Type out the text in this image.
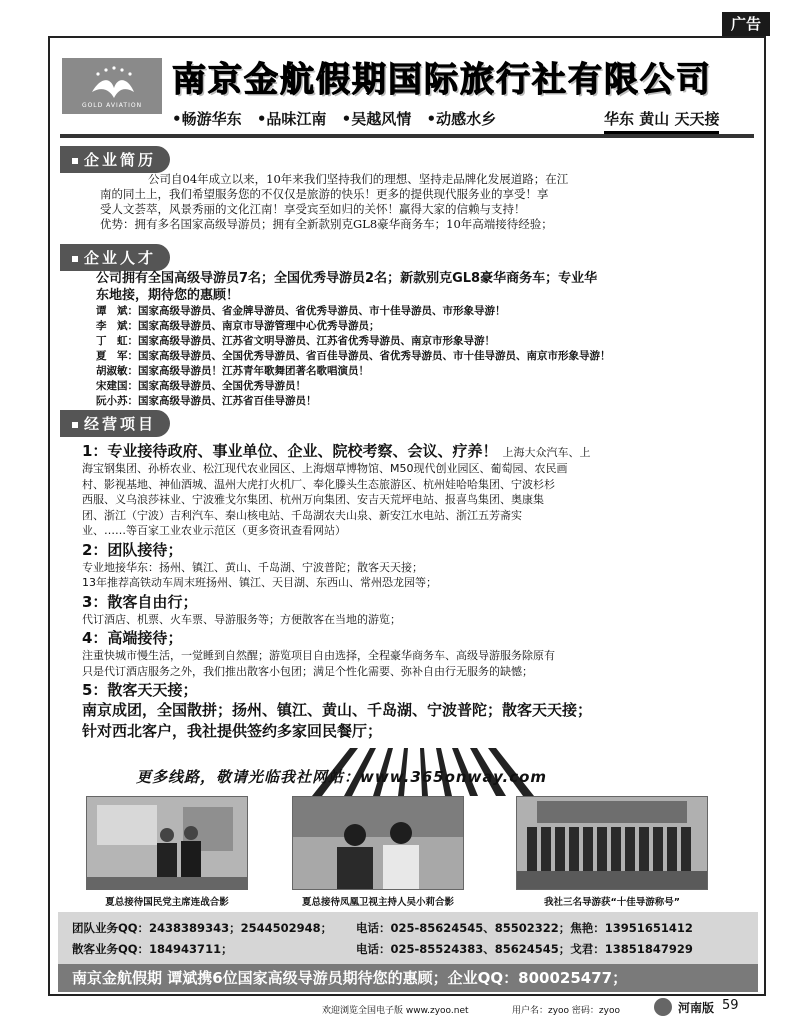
广告
GOLD AVIATION
南京金航假期国际旅行社有限公司
•畅游华东 •品味江南 •吴越风情 •动感水乡	华东 黄山 天天接
企业简历
公司自04年成立以来，10年来我们坚持我们的理想、坚持走品牌化发展道路；在江
南的同土上，我们希望服务您的不仅仅是旅游的快乐！更多的提供现代服务业的享受！享
受人文荟萃，风景秀丽的文化江南！享受宾至如归的关怀！赢得大家的信赖与支持！
优势：拥有多名国家高级导游员；拥有全新款别克GL8豪华商务车；10年高端接待经验；
企业人才
公司拥有全国高级导游员7名；全国优秀导游员2名；新款别克GL8豪华商务车；专业华
东地接，期待您的惠顾！
谭　斌：国家高级导游员、省金牌导游员、省优秀导游员、市十佳导游员、市形象导游！
李　斌：国家高级导游员、南京市导游管理中心优秀导游员；
丁　虹：国家高级导游员、江苏省文明导游员、江苏省优秀导游员、南京市形象导游！
夏　军：国家高级导游员、全国优秀导游员、省百佳导游员、省优秀导游员、市十佳导游员、南京市形象导游！
胡淑敏：国家高级导游员！江苏青年歌舞团著名歌唱演员！
宋建国：国家高级导游员、全国优秀导游员！
阮小苏：国家高级导游员、江苏省百佳导游员！
经营项目
1：专业接待政府、事业单位、企业、院校考察、会议、疗养！ 上海大众汽车、上
海宝钢集团、孙桥农业、松江现代农业园区、上海烟草博物馆、M50现代创业园区、葡萄园、农民画
村、影视基地、神仙酒城、温州大虎打火机厂、奉化滕头生态旅游区、杭州娃哈哈集团、宁波杉杉
西服、义乌浪莎袜业、宁波雅戈尔集团、杭州万向集团、安吉天荒坪电站、报喜鸟集团、奥康集
团、浙江（宁波）吉利汽车、秦山核电站、千岛湖农夫山泉、新安江水电站、浙江五芳斋实
业、……等百家工业农业示范区（更多资讯查看网站）
2：团队接待；
专业地接华东：扬州、镇江、黄山、千岛湖、宁波普陀；散客天天接；
13年推荐高铁动车周末班扬州、镇江、天目湖、东西山、常州恐龙园等；
3：散客自由行；
代订酒店、机票、火车票、导游服务等；方便散客在当地的游览；
4：高端接待；
注重快城市慢生活，一觉睡到自然醒；游览项目自由选择，全程豪华商务车、高级导游服务除原有
只是代订酒店服务之外，我们推出散客小包团；满足个性化需要、弥补自由行无服务的缺憾；
5：散客天天接；
南京成团，全国散拼；扬州、镇江、黄山、千岛湖、宁波普陀；散客天天接；
针对西北客户，我社提供签约多家回民餐厅；
更多线路，敬请光临我社网站：www.365onway.com
夏总接待国民党主席连战合影	夏总接待凤凰卫视主持人吴小莉合影	我社三名导游获“十佳导游称号”
团队业务QQ：2438389343；2544502948； 电话：025-85624545、85502322；焦艳：13951651412
散客业务QQ：184943711；	电话：025-85524383、85624545；戈君：13851847929
南京金航假期 谭斌携6位国家高级导游员期待您的惠顾；企业QQ：800025477；
欢迎浏览全国电子版 www.zyoo.net	用户名：zyoo 密码：zyoo	河南版 59
